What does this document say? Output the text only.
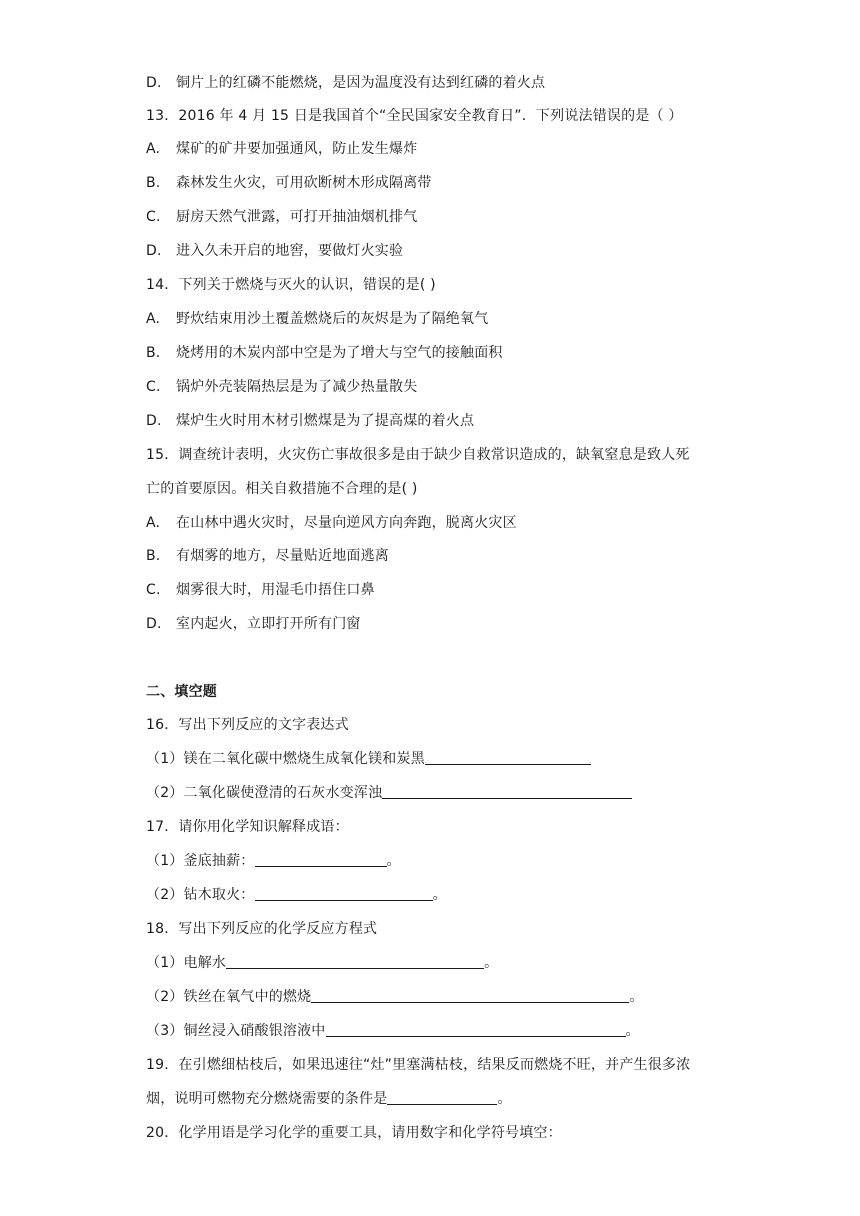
D. 铜片上的红磷不能燃烧，是因为温度没有达到红磷的着火点
13．2016 年 4 月 15 日是我国首个“全民国家安全教育日”．下列说法错误的是（ ）
A. 煤矿的矿井要加强通风，防止发生爆炸
B. 森林发生火灾，可用砍断树木形成隔离带
C. 厨房天然气泄露，可打开抽油烟机排气
D. 进入久未开启的地窖，要做灯火实验
14．下列关于燃烧与灭火的认识，错误的是( )
A. 野炊结束用沙土覆盖燃烧后的灰烬是为了隔绝氧气
B. 烧烤用的木炭内部中空是为了增大与空气的接触面积
C. 锅炉外壳装隔热层是为了减少热量散失
D. 煤炉生火时用木材引燃煤是为了提高煤的着火点
15．调查统计表明，火灾伤亡事故很多是由于缺少自救常识造成的，缺氧窒息是致人死
亡的首要原因。相关自救措施不合理的是( )
A. 在山林中遇火灾时，尽量向逆风方向奔跑，脱离火灾区
B. 有烟雾的地方，尽量贴近地面逃离
C. 烟雾很大时，用湿毛巾捂住口鼻
D. 室内起火，立即打开所有门窗
二、填空题
16．写出下列反应的文字表达式
（1）镁在二氧化碳中燃烧生成氧化镁和炭黑
（2）二氧化碳使澄清的石灰水变浑浊
17．请你用化学知识解释成语：
（1）釜底抽薪：	。
（2）钻木取火：	。
18．写出下列反应的化学反应方程式
（1）电解水	。
（2）铁丝在氧气中的燃烧	。
（3）铜丝浸入硝酸银溶液中	。
19．在引燃细枯枝后，如果迅速往“灶”里塞满枯枝，结果反而燃烧不旺，并产生很多浓
烟，说明可燃物充分燃烧需要的条件是	。
20．化学用语是学习化学的重要工具，请用数字和化学符号填空：
